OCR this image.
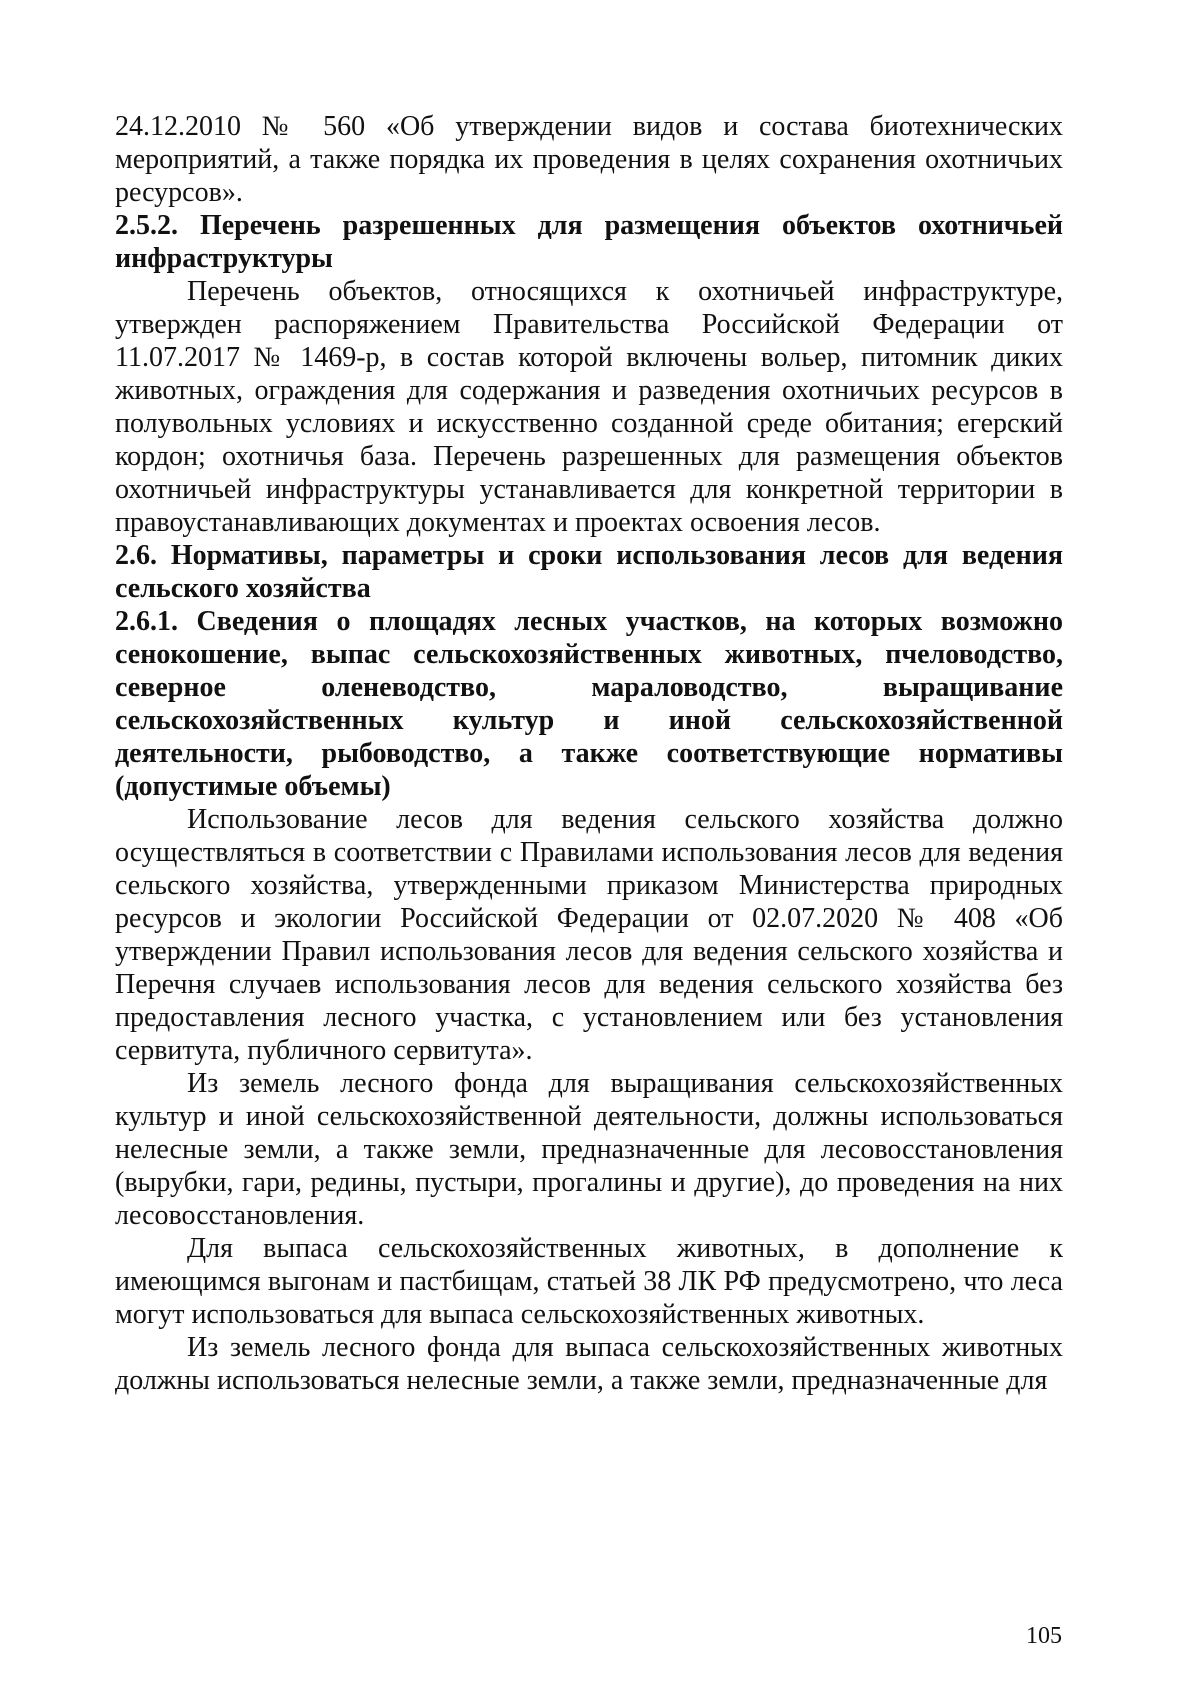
24.12.2010 № 560 «Об утверждении видов и состава биотехнических мероприятий, а также порядка их проведения в целях сохранения охотничьих ресурсов».

2.5.2. Перечень разрешенных для размещения объектов охотничьей инфраструктуры

Перечень объектов, относящихся к охотничьей инфраструктуре, утвержден распоряжением Правительства Российской Федерации от 11.07.2017 № 1469-р, в состав которой включены вольер, питомник диких животных, ограждения для содержания и разведения охотничьих ресурсов в полувольных условиях и искусственно созданной среде обитания; егерский кордон; охотничья база. Перечень разрешенных для размещения объектов охотничьей инфраструктуры устанавливается для конкретной территории в правоустанавливающих документах и проектах освоения лесов.

2.6. Нормативы, параметры и сроки использования лесов для ведения сельского хозяйства

2.6.1. Сведения о площадях лесных участков, на которых возможно сенокошение, выпас сельскохозяйственных животных, пчеловодство, северное оленеводство, мараловодство, выращивание сельскохозяйственных культур и иной сельскохозяйственной деятельности, рыбоводство, а также соответствующие нормативы (допустимые объемы)

Использование лесов для ведения сельского хозяйства должно осуществляться в соответствии с Правилами использования лесов для ведения сельского хозяйства, утвержденными приказом Министерства природных ресурсов и экологии Российской Федерации от 02.07.2020 № 408 «Об утверждении Правил использования лесов для ведения сельского хозяйства и Перечня случаев использования лесов для ведения сельского хозяйства без предоставления лесного участка, с установлением или без установления сервитута, публичного сервитута».

Из земель лесного фонда для выращивания сельскохозяйственных культур и иной сельскохозяйственной деятельности, должны использоваться нелесные земли, а также земли, предназначенные для лесовосстановления (вырубки, гари, редины, пустыри, прогалины и другие), до проведения на них лесовосстановления.

Для выпаса сельскохозяйственных животных, в дополнение к имеющимся выгонам и пастбищам, статьей 38 ЛК РФ предусмотрено, что леса могут использоваться для выпаса сельскохозяйственных животных.

Из земель лесного фонда для выпаса сельскохозяйственных животных должны использоваться нелесные земли, а также земли, предназначенные для

105
